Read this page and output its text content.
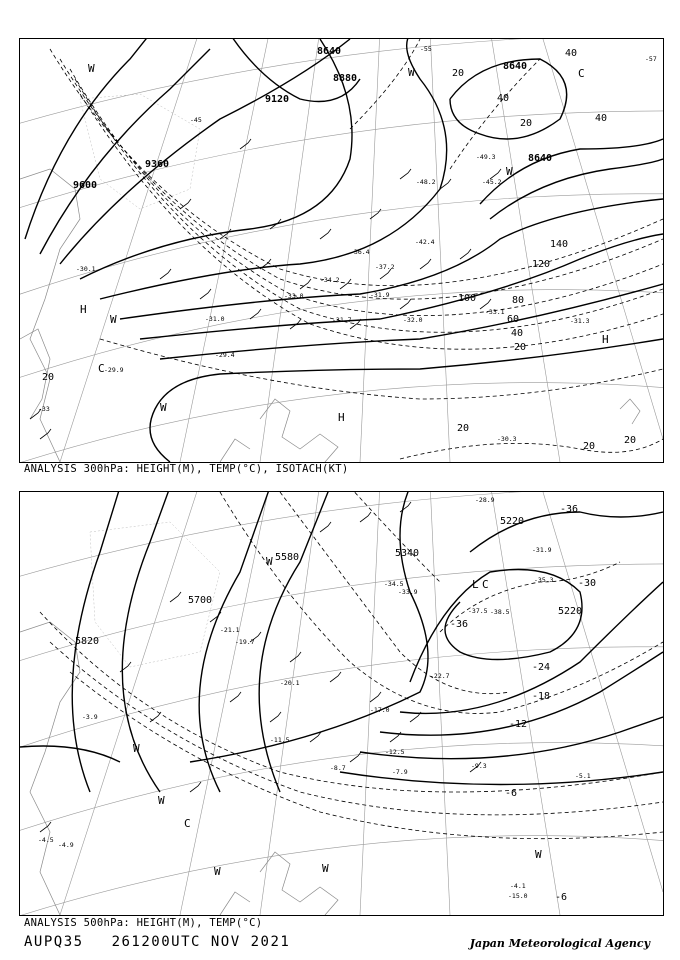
8640
8880
9120
9360
9600
8640
8640
140
120
100	80
60
40
20
20
20
20
20
20
40
20
40
40
-45
-49.3
-48.2
-42.4
-37.2
-36.4
-34.2
-33.0
-31.7
-31.9
-30.1
-29.4
-32.0
-33.1
-31.0
-29.9
-30.3
-33
-31.3
-45.2
-55
-57
H
W
C
W
H
H
W	W
W
C
ANALYSIS 300hPa: HEIGHT(M), TEMP(°C), ISOTACH(KT)
5820
5700
5580	5340
5220
5220
-36
-30
-24
-18
-12
-6
-6
-36
-34.5
-33.9
-37.5 -38.5
-31.9
-35.3
-28.9
-21.1
-20.1
-19.7
-17.0
-12.5
-11.5
-8.7	-7.9
-9.3
-5.1
-4.1
-4.5
-4.9
-3.9
-15.0
-22.7
W
W
W	W
W
C
L C
W
ANALYSIS 500hPa: HEIGHT(M), TEMP(°C)
AUPQ35 261200UTC NOV 2021	Japan Meteorological Agency
